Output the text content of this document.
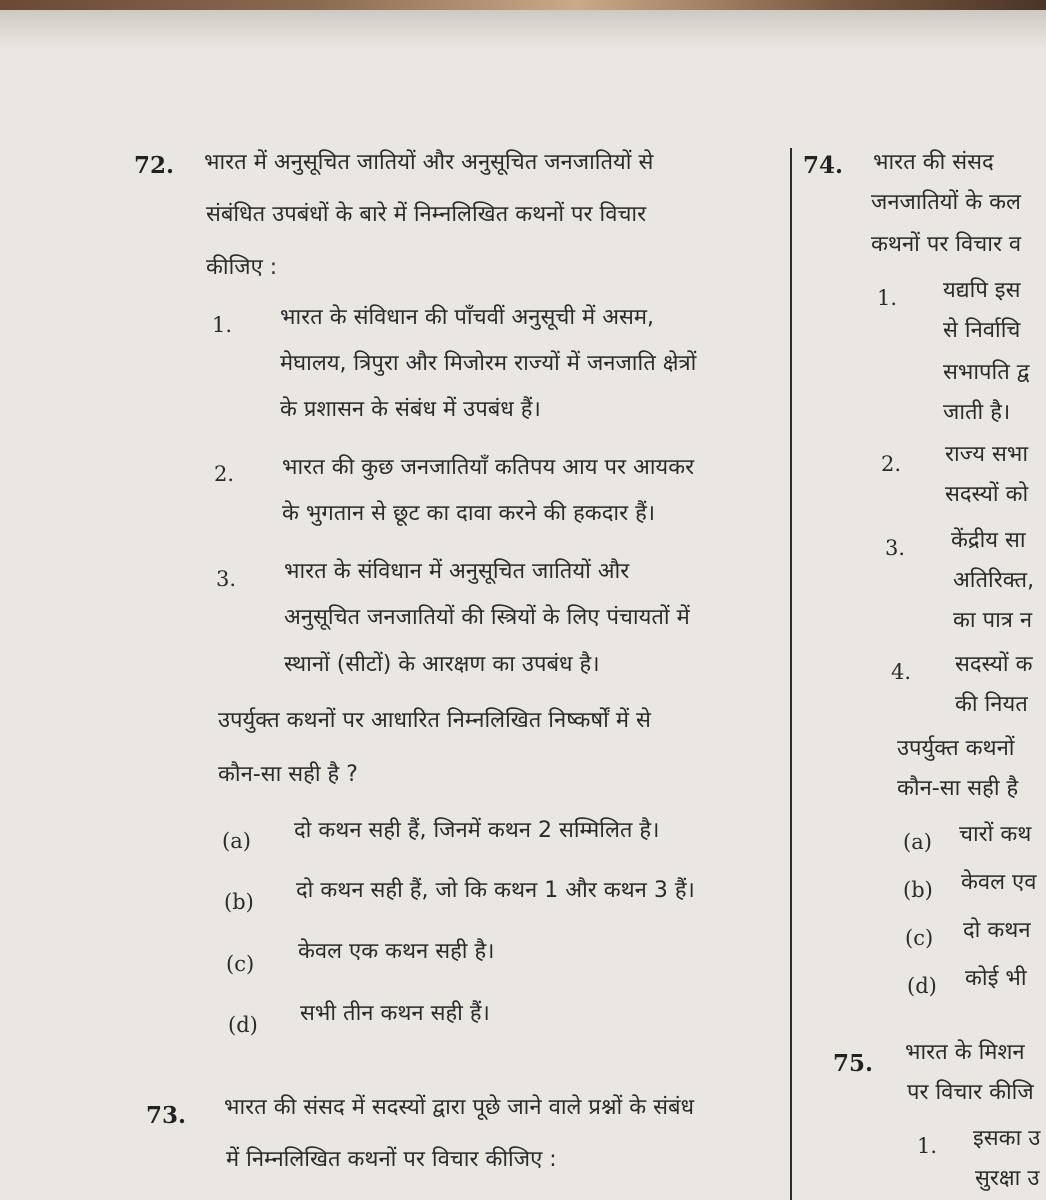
72. भारत में अनुसूचित जातियों और अनुसूचित जनजातियों से
संबंधित उपबंधों के बारे में निम्नलिखित कथनों पर विचार
कीजिए :
1. भारत के संविधान की पाँचवीं अनुसूची में असम,
मेघालय, त्रिपुरा और मिजोरम राज्यों में जनजाति क्षेत्रों
के प्रशासन के संबंध में उपबंध हैं।
2. भारत की कुछ जनजातियाँ कतिपय आय पर आयकर
के भुगतान से छूट का दावा करने की हकदार हैं।
3. भारत के संविधान में अनुसूचित जातियों और
अनुसूचित जनजातियों की स्त्रियों के लिए पंचायतों में
स्थानों (सीटों) के आरक्षण का उपबंध है।
उपर्युक्त कथनों पर आधारित निम्नलिखित निष्कर्षों में से
कौन-सा सही है ?
(a) दो कथन सही हैं, जिनमें कथन 2 सम्मिलित है।
(b) दो कथन सही हैं, जो कि कथन 1 और कथन 3 हैं।
(c) केवल एक कथन सही है।
(d) सभी तीन कथन सही हैं।
73. भारत की संसद में सदस्यों द्वारा पूछे जाने वाले प्रश्नों के संबंध
में निम्नलिखित कथनों पर विचार कीजिए :
74. भारत की संसद
जनजातियों के कल
कथनों पर विचार व
1. यद्यपि इस
से निर्वाचि
सभापति द्व
जाती है।
2. राज्य सभा
सदस्यों को
3. केंद्रीय सा
अतिरिक्त,
का पात्र न
4. सदस्यों क
की नियत
उपर्युक्त कथनों
कौन-सा सही है
(a) चारों कथ
(b) केवल एव
(c) दो कथन
(d) कोई भी
75. भारत के मिशन
पर विचार कीजि
1. इसका उ
सुरक्षा उ
